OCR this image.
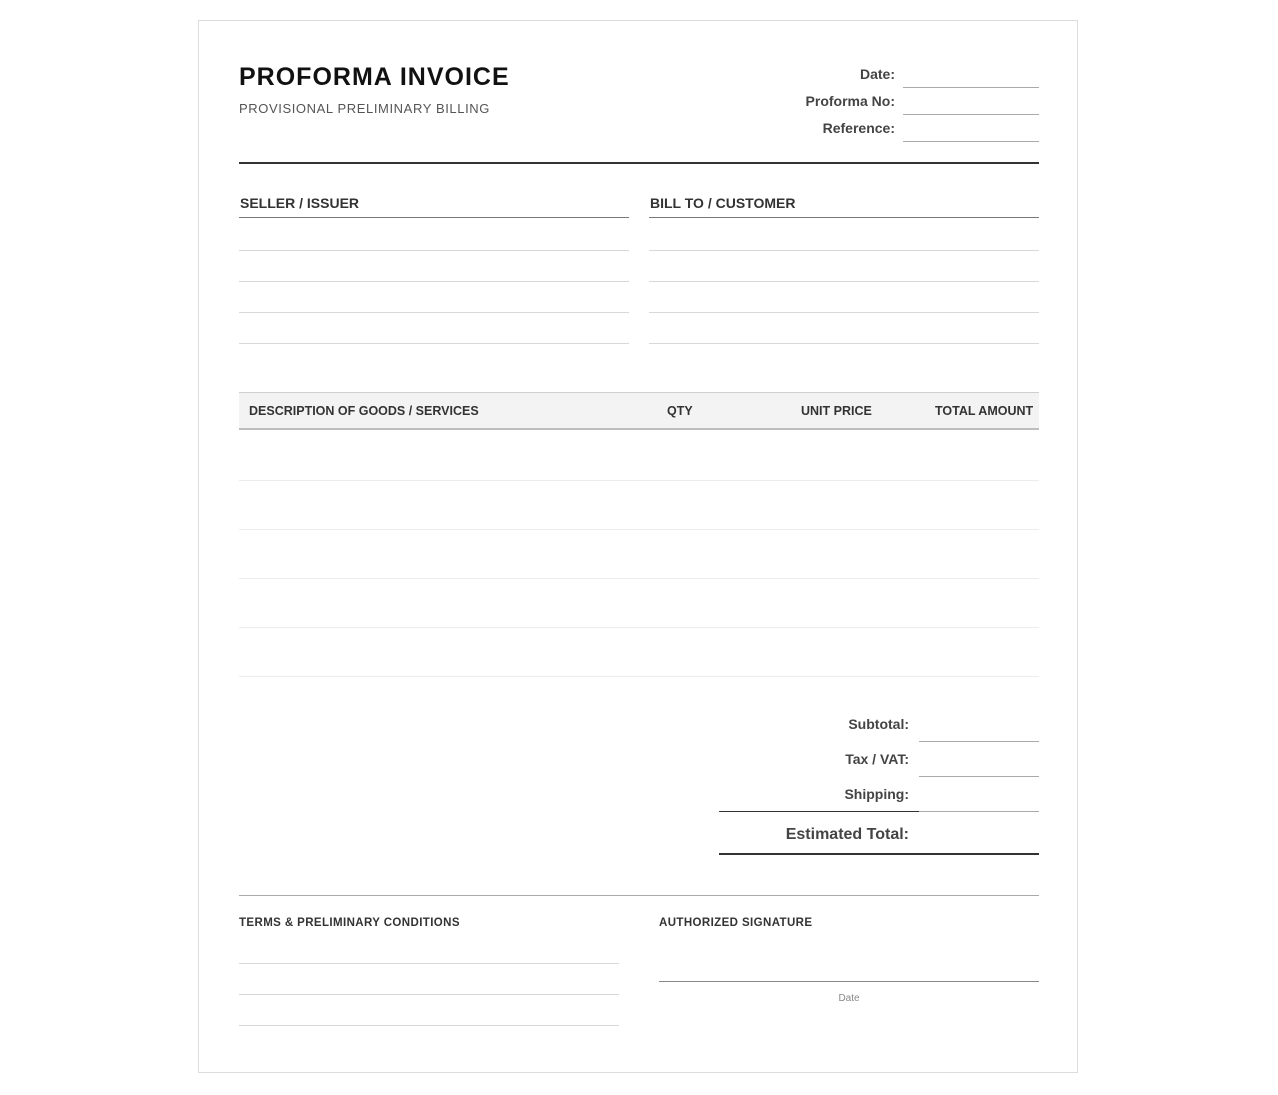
PROFORMA INVOICE
PROVISIONAL PRELIMINARY BILLING
Date:
Proforma No:
Reference:
SELLER / ISSUER	BILL TO / CUSTOMER
DESCRIPTION OF GOODS / SERVICES	QTY	UNIT PRICE	TOTAL AMOUNT
Subtotal:
Tax / VAT:
Shipping:
Estimated Total:
TERMS & PRELIMINARY CONDITIONS	AUTHORIZED SIGNATURE
Date
